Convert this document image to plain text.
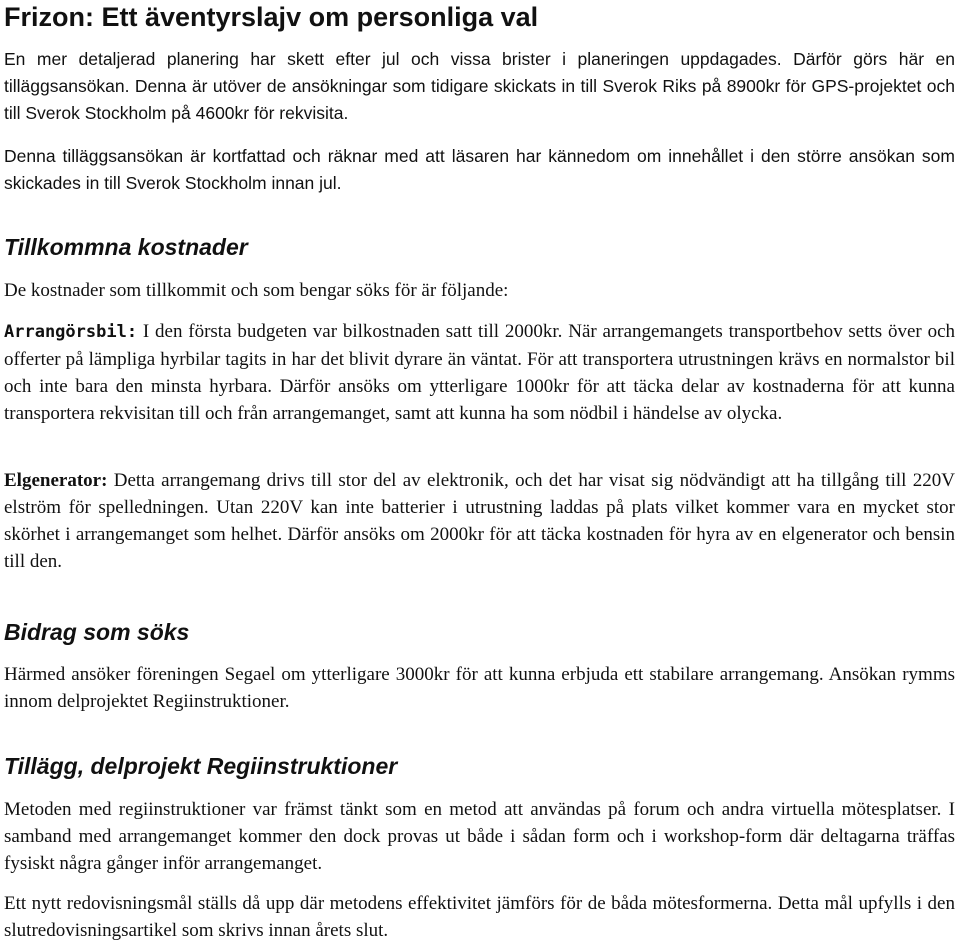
Frizon: Ett äventyrslajv om personliga val

En mer detaljerad planering har skett efter jul och vissa brister i planeringen uppdagades. Därför görs här en tilläggsansökan. Denna är utöver de ansökningar som tidigare skickats in till Sverok Riks på 8900kr för GPS-projektet och till Sverok Stockholm på 4600kr för rekvisita.

Denna tilläggsansökan är kortfattad och räknar med att läsaren har kännedom om innehållet i den större ansökan som skickades in till Sverok Stockholm innan jul.

Tillkommna kostnader

De kostnader som tillkommit och som bengar söks för är följande:

Arrangörsbil: I den första budgeten var bilkostnaden satt till 2000kr. När arrangemangets transportbehov setts över och offerter på lämpliga hyrbilar tagits in har det blivit dyrare än väntat. För att transportera utrustningen krävs en normalstor bil och inte bara den minsta hyrbara. Därför ansöks om ytterligare 1000kr för att täcka delar av kostnaderna för att kunna transportera rekvisitan till och från arrangemanget, samt att kunna ha som nödbil i händelse av olycka.

Elgenerator: Detta arrangemang drivs till stor del av elektronik, och det har visat sig nödvändigt att ha tillgång till 220V elström för spelledningen. Utan 220V kan inte batterier i utrustning laddas på plats vilket kommer vara en mycket stor skörhet i arrangemanget som helhet. Därför ansöks om 2000kr för att täcka kostnaden för hyra av en elgenerator och bensin till den.

Bidrag som söks

Härmed ansöker föreningen Segael om ytterligare 3000kr för att kunna erbjuda ett stabilare arrangemang. Ansökan rymms innom delprojektet Regiinstruktioner.

Tillägg, delprojekt Regiinstruktioner

Metoden med regiinstruktioner var främst tänkt som en metod att användas på forum och andra virtuella mötesplatser. I samband med arrangemanget kommer den dock provas ut både i sådan form och i workshop-form där deltagarna träffas fysiskt några gånger inför arrangemanget.

Ett nytt redovisningsmål ställs då upp där metodens effektivitet jämförs för de båda mötesformerna. Detta mål upfylls i den slutredovisningsartikel som skrivs innan årets slut.
